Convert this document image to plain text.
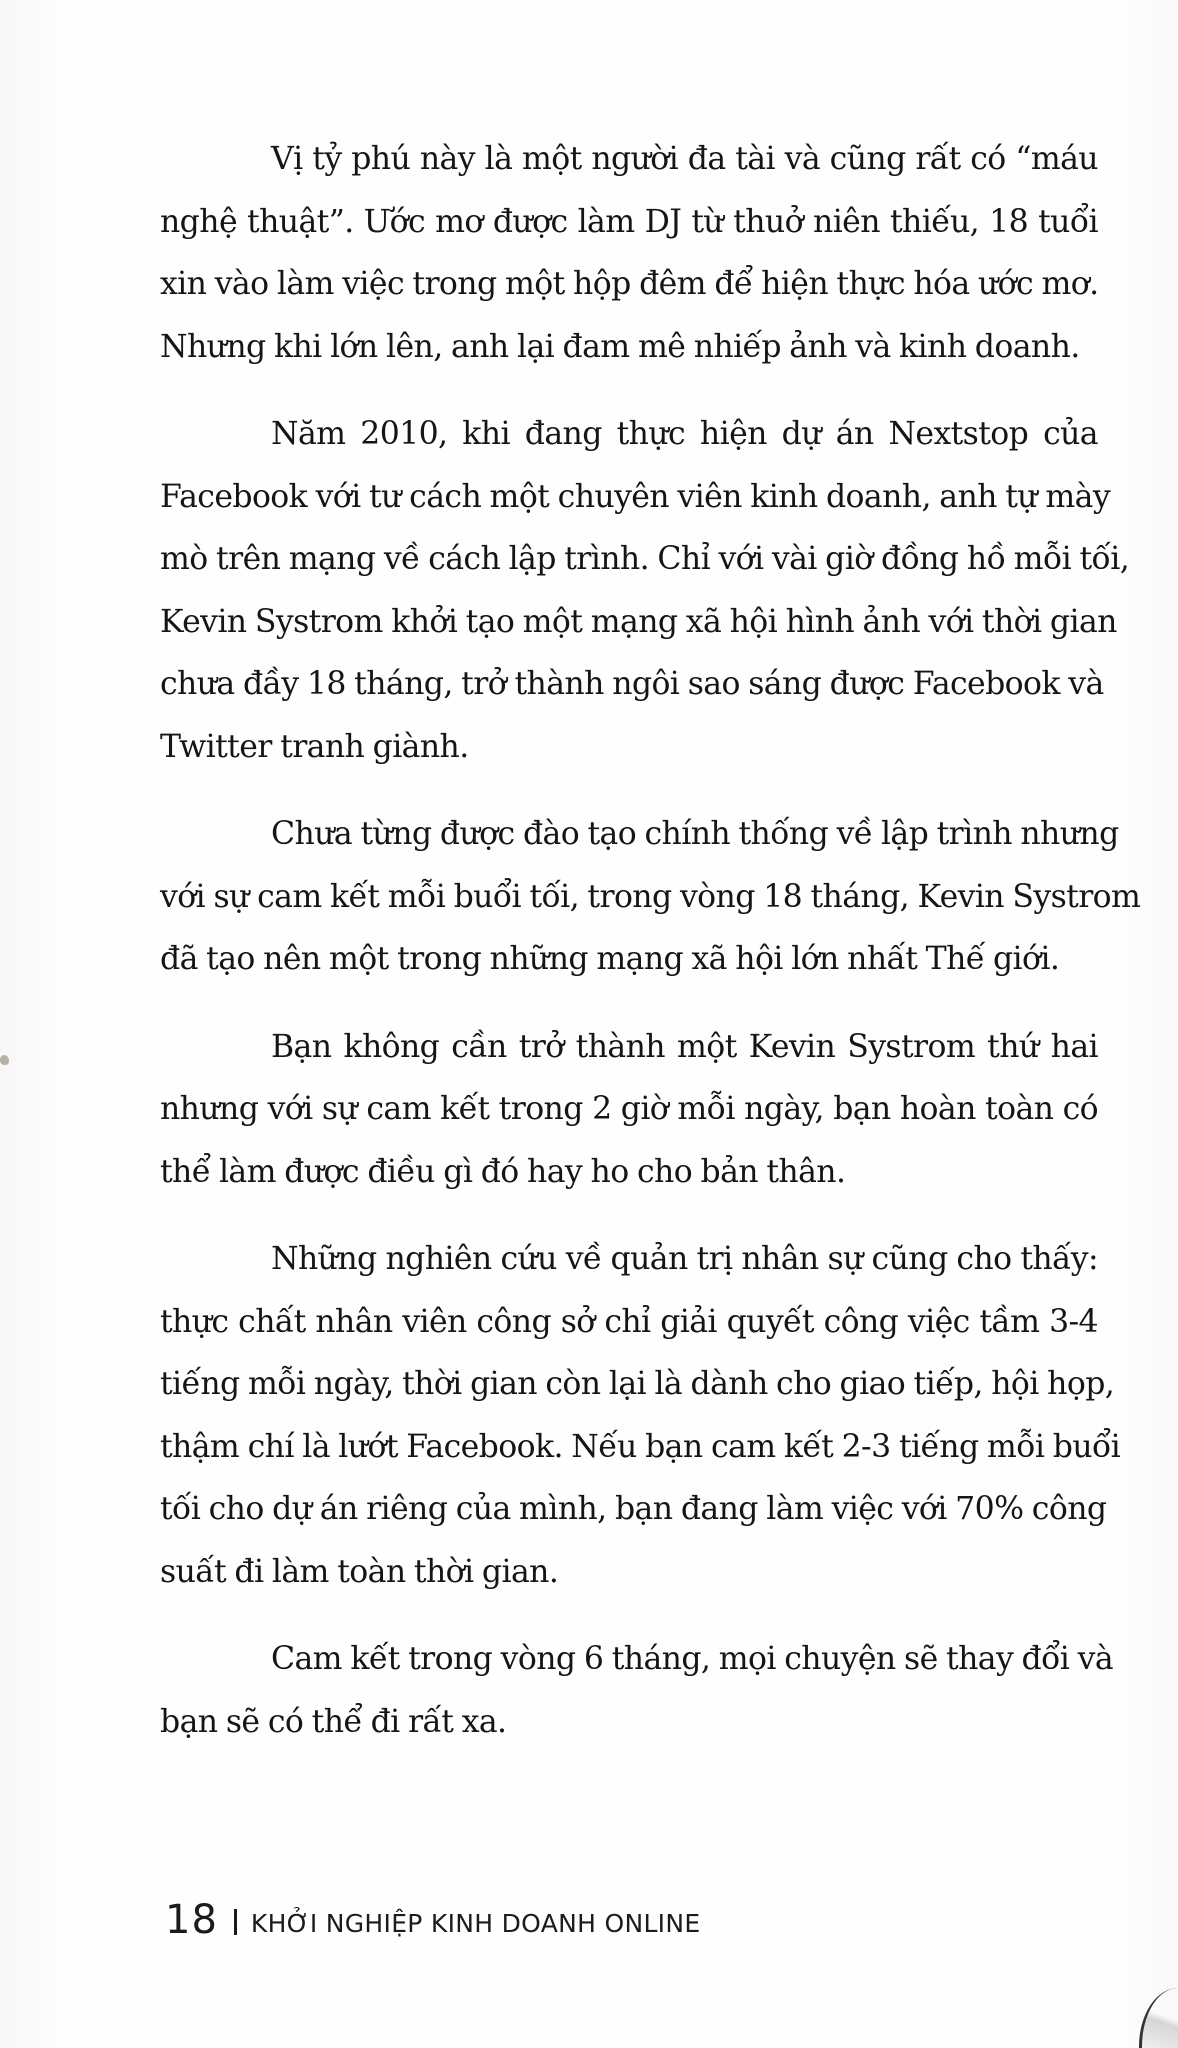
Vị tỷ phú này là một người đa tài và cũng rất có “máu
nghệ thuật”. Ước mơ được làm DJ từ thuở niên thiếu, 18 tuổi
xin vào làm việc trong một hộp đêm để hiện thực hóa ước mơ.
Nhưng khi lớn lên, anh lại đam mê nhiếp ảnh và kinh doanh.
Năm 2010, khi đang thực hiện dự án Nextstop của
Facebook với tư cách một chuyên viên kinh doanh, anh tự mày
mò trên mạng về cách lập trình. Chỉ với vài giờ đồng hồ mỗi tối,
Kevin Systrom khởi tạo một mạng xã hội hình ảnh với thời gian
chưa đầy 18 tháng, trở thành ngôi sao sáng được Facebook và
Twitter tranh giành.
Chưa từng được đào tạo chính thống về lập trình nhưng
với sự cam kết mỗi buổi tối, trong vòng 18 tháng, Kevin Systrom
đã tạo nên một trong những mạng xã hội lớn nhất Thế giới.
Bạn không cần trở thành một Kevin Systrom thứ hai
nhưng với sự cam kết trong 2 giờ mỗi ngày, bạn hoàn toàn có
thể làm được điều gì đó hay ho cho bản thân.
Những nghiên cứu về quản trị nhân sự cũng cho thấy:
thực chất nhân viên công sở chỉ giải quyết công việc tầm 3-4
tiếng mỗi ngày, thời gian còn lại là dành cho giao tiếp, hội họp,
thậm chí là lướt Facebook. Nếu bạn cam kết 2-3 tiếng mỗi buổi
tối cho dự án riêng của mình, bạn đang làm việc với 70% công
suất đi làm toàn thời gian.
Cam kết trong vòng 6 tháng, mọi chuyện sẽ thay đổi và
bạn sẽ có thể đi rất xa.
18 KHỞI NGHIỆP KINH DOANH ONLINE
